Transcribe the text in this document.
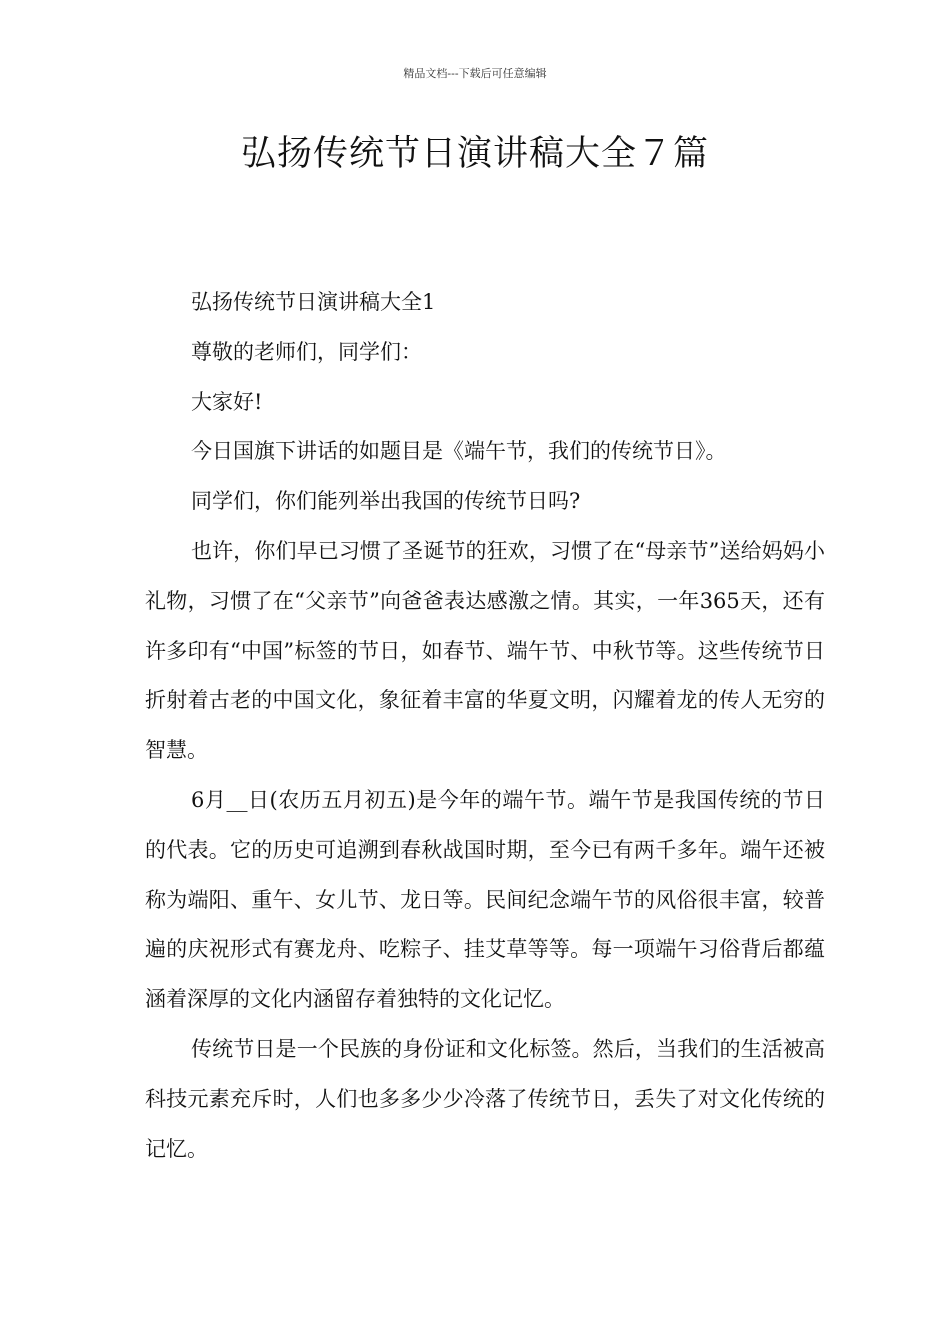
精品文档---下载后可任意编辑
弘扬传统节日演讲稿大全７篇

弘扬传统节日演讲稿大全1

尊敬的老师们，同学们：

大家好!

今日国旗下讲话的如题目是《端午节，我们的传统节日》。

同学们，你们能列举出我国的传统节日吗?

也许，你们早已习惯了圣诞节的狂欢，习惯了在“母亲节”送给妈妈小礼物，习惯了在“父亲节”向爸爸表达感激之情。其实，一年365天，还有许多印有“中国”标签的节日，如春节、端午节、中秋节等。这些传统节日折射着古老的中国文化，象征着丰富的华夏文明，闪耀着龙的传人无穷的智慧。

6月__日(农历五月初五)是今年的端午节。端午节是我国传统的节日的代表。它的历史可追溯到春秋战国时期，至今已有两千多年。端午还被称为端阳、重午、女儿节、龙日等。民间纪念端午节的风俗很丰富，较普遍的庆祝形式有赛龙舟、吃粽子、挂艾草等等。每一项端午习俗背后都蕴涵着深厚的文化内涵留存着独特的文化记忆。

传统节日是一个民族的身份证和文化标签。然后，当我们的生活被高科技元素充斥时，人们也多多少少冷落了传统节日，丢失了对文化传统的记忆。
